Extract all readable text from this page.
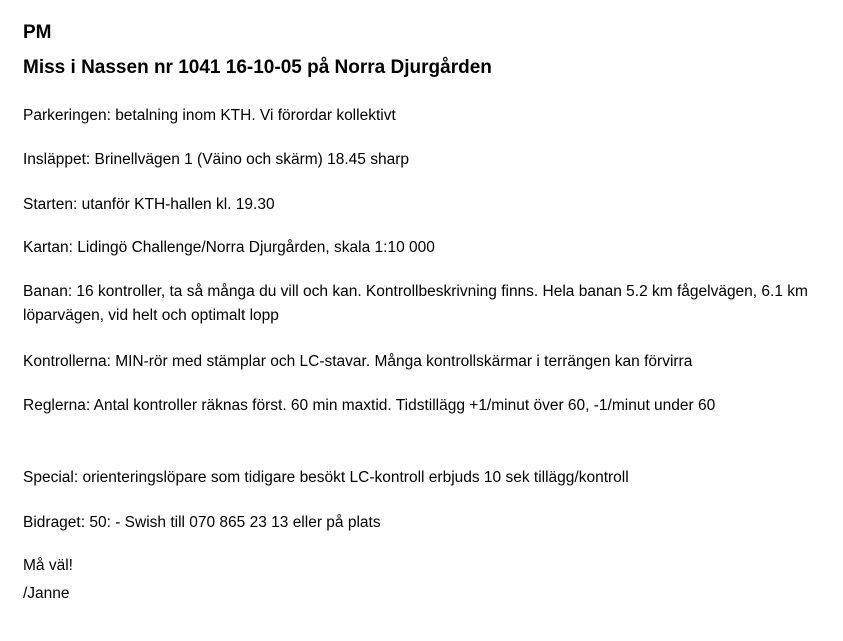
PM
Miss i Nassen nr 1041 16-10-05 på Norra Djurgården

Parkeringen: betalning inom KTH. Vi förordar kollektivt

Insläppet: Brinellvägen 1 (Väino och skärm) 18.45 sharp

Starten: utanför KTH-hallen kl. 19.30

Kartan: Lidingö Challenge/Norra Djurgården, skala 1:10 000

Banan: 16 kontroller, ta så många du vill och kan. Kontrollbeskrivning finns. Hela banan 5.2 km fågelvägen, 6.1 km löparvägen, vid helt och optimalt lopp

Kontrollerna: MIN-rör med stämplar och LC-stavar. Många kontrollskärmar i terrängen kan förvirra

Reglerna: Antal kontroller räknas först. 60 min maxtid. Tidstillägg +1/minut över 60, -1/minut under 60

Special: orienteringslöpare som tidigare besökt LC-kontroll erbjuds 10 sek tillägg/kontroll

Bidraget: 50: - Swish till 070 865 23 13 eller på plats

Må väl!

/Janne
